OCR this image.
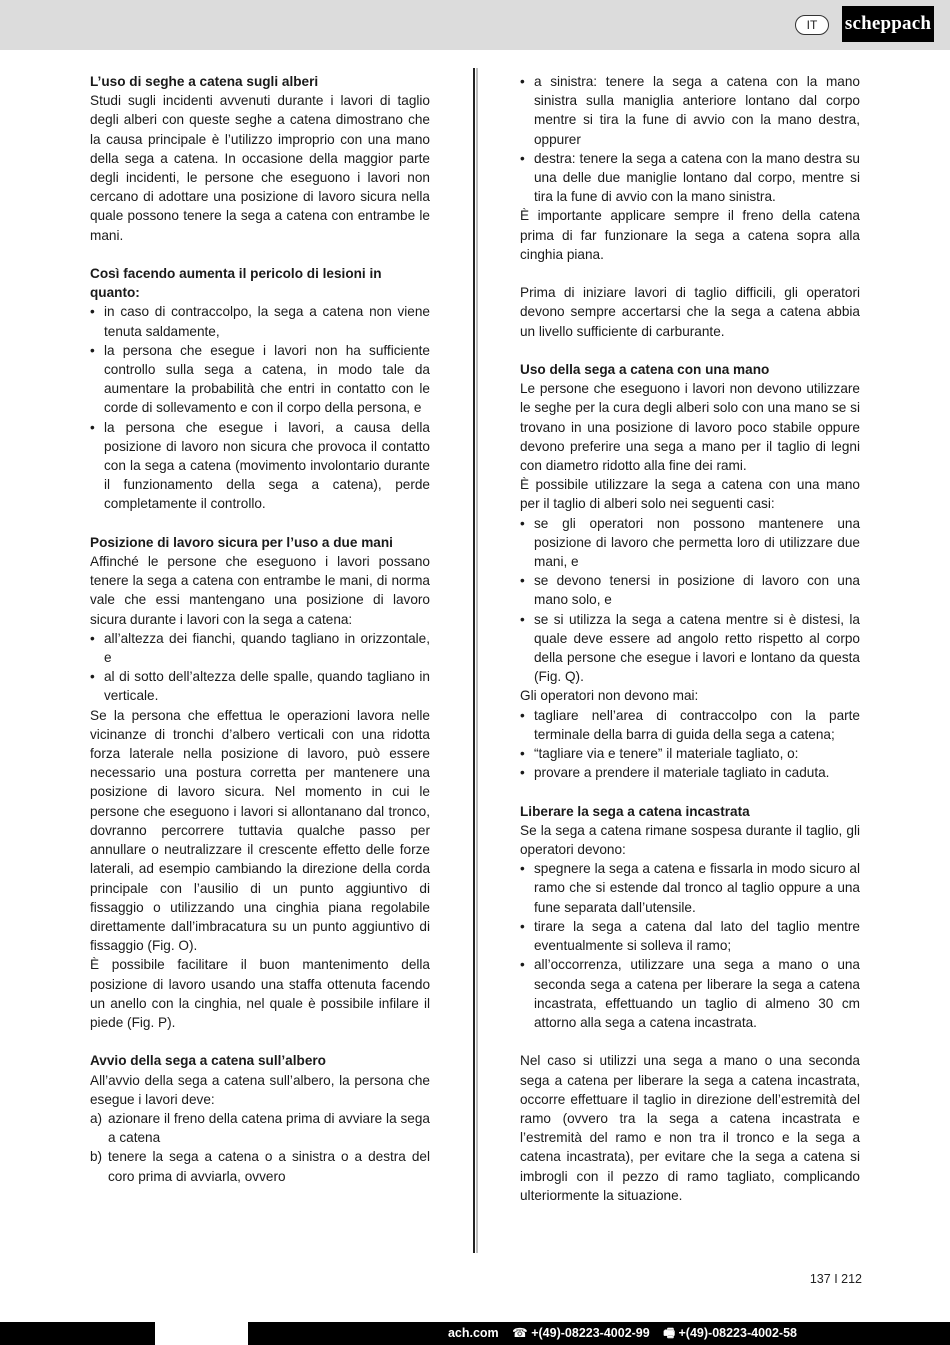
IT	scheppach
L’uso di seghe a catena sugli alberi

Studi sugli incidenti avvenuti durante i lavori di taglio degli alberi con queste seghe a catena dimostrano che la causa principale è l’utilizzo improprio con una mano della sega a catena. In occasione della maggior parte degli incidenti, le persone che eseguono i lavori non cercano di adottare una posizione di lavoro sicura nella quale possono tenere la sega a catena con entrambe le mani.

Così facendo aumenta il pericolo di lesioni in quanto:
• in caso di contraccolpo, la sega a catena non viene tenuta saldamente,
• la persona che esegue i lavori non ha sufficiente controllo sulla sega a catena, in modo tale da aumentare la probabilità che entri in contatto con le corde di sollevamento e con il corpo della persona, e
• la persona che esegue i lavori, a causa della posizione di lavoro non sicura che provoca il contatto con la sega a catena (movimento involontario durante il funzionamento della sega a catena), perde completamente il controllo.
Posizione di lavoro sicura per l’uso a due mani

Affinché le persone che eseguono i lavori possano tenere la sega a catena con entrambe le mani, di norma vale che essi mantengano una posizione di lavoro sicura durante i lavori con la sega a catena:

• all’altezza dei fianchi, quando tagliano in orizzontale, e
• al di sotto dell’altezza delle spalle, quando tagliano in verticale.

Se la persona che effettua le operazioni lavora nelle vicinanze di tronchi d’albero verticali con una ridotta forza laterale nella posizione di lavoro, può essere necessario una postura corretta per mantenere una posizione di lavoro sicura. Nel momento in cui le persone che eseguono i lavori si allontanano dal tronco, dovranno percorrere tuttavia qualche passo per annullare o neutralizzare il crescente effetto delle forze laterali, ad esempio cambiando la direzione della corda principale con l’ausilio di un punto aggiuntivo di fissaggio o utilizzando una cinghia piana regolabile direttamente dall’imbracatura su un punto aggiuntivo di fissaggio (Fig. O).

È possibile facilitare il buon mantenimento della posizione di lavoro usando una staffa ottenuta facendo un anello con la cinghia, nel quale è possibile infilare il piede (Fig. P).

Avvio della sega a catena sull’albero

All’avvio della sega a catena sull’albero, la persona che esegue i lavori deve:

a) azionare il freno della catena prima di avviare la sega a catena
b) tenere la sega a catena o a sinistra o a destra del coro prima di avviarla, ovvero
• a sinistra: tenere la sega a catena con la mano sinistra sulla maniglia anteriore lontano dal corpo mentre si tira la fune di avvio con la mano destra, oppurer
• destra: tenere la sega a catena con la mano destra su una delle due maniglie lontano dal corpo, mentre si tira la fune di avvio con la mano sinistra.

È importante applicare sempre il freno della catena prima di far funzionare la sega a catena sopra alla cinghia piana.

Prima di iniziare lavori di taglio difficili, gli operatori devono sempre accertarsi che la sega a catena abbia un livello sufficiente di carburante.

Uso della sega a catena con una mano

Le persone che eseguono i lavori non devono utilizzare le seghe per la cura degli alberi solo con una mano se si trovano in una posizione di lavoro poco stabile oppure devono preferire una sega a mano per il taglio di legni con diametro ridotto alla fine dei rami.

È possibile utilizzare la sega a catena con una mano per il taglio di alberi solo nei seguenti casi:

• se gli operatori non possono mantenere una posizione di lavoro che permetta loro di utilizzare due mani, e
• se devono tenersi in posizione di lavoro con una mano solo, e
• se si utilizza la sega a catena mentre si è distesi, la quale deve essere ad angolo retto rispetto al corpo della persone che esegue i lavori e lontano da questa (Fig. Q).

Gli operatori non devono mai:

• tagliare nell’area di contraccolpo con la parte terminale della barra di guida della sega a catena;
• “tagliare via e tenere” il materiale tagliato, o:
• provare a prendere il materiale tagliato in caduta.
Liberare la sega a catena incastrata

Se la sega a catena rimane sospesa durante il taglio, gli operatori devono:

• spegnere la sega a catena e fissarla in modo sicuro al ramo che si estende dal tronco al taglio oppure a una fune separata dall’utensile.
• tirare la sega a catena dal lato del taglio mentre eventualmente si solleva il ramo;
• all’occorrenza, utilizzare una sega a mano o una seconda sega a catena per liberare la sega a catena incastrata, effettuando un taglio di almeno 30 cm attorno alla sega a catena incastrata.

Nel caso si utilizzi una sega a mano o una seconda sega a catena per liberare la sega a catena incastrata, occorre effettuare il taglio in direzione dell’estremità del ramo (ovvero tra la sega a catena incastrata e l’estremità del ramo e non tra il tronco e la sega a catena incastrata), per evitare che la sega a catena si imbrogli con il pezzo di ramo tagliato, complicando ulteriormente la situazione.

137 I 212
ach.com ☎ +(49)-08223-4002-99 🖷 +(49)-08223-4002-58
